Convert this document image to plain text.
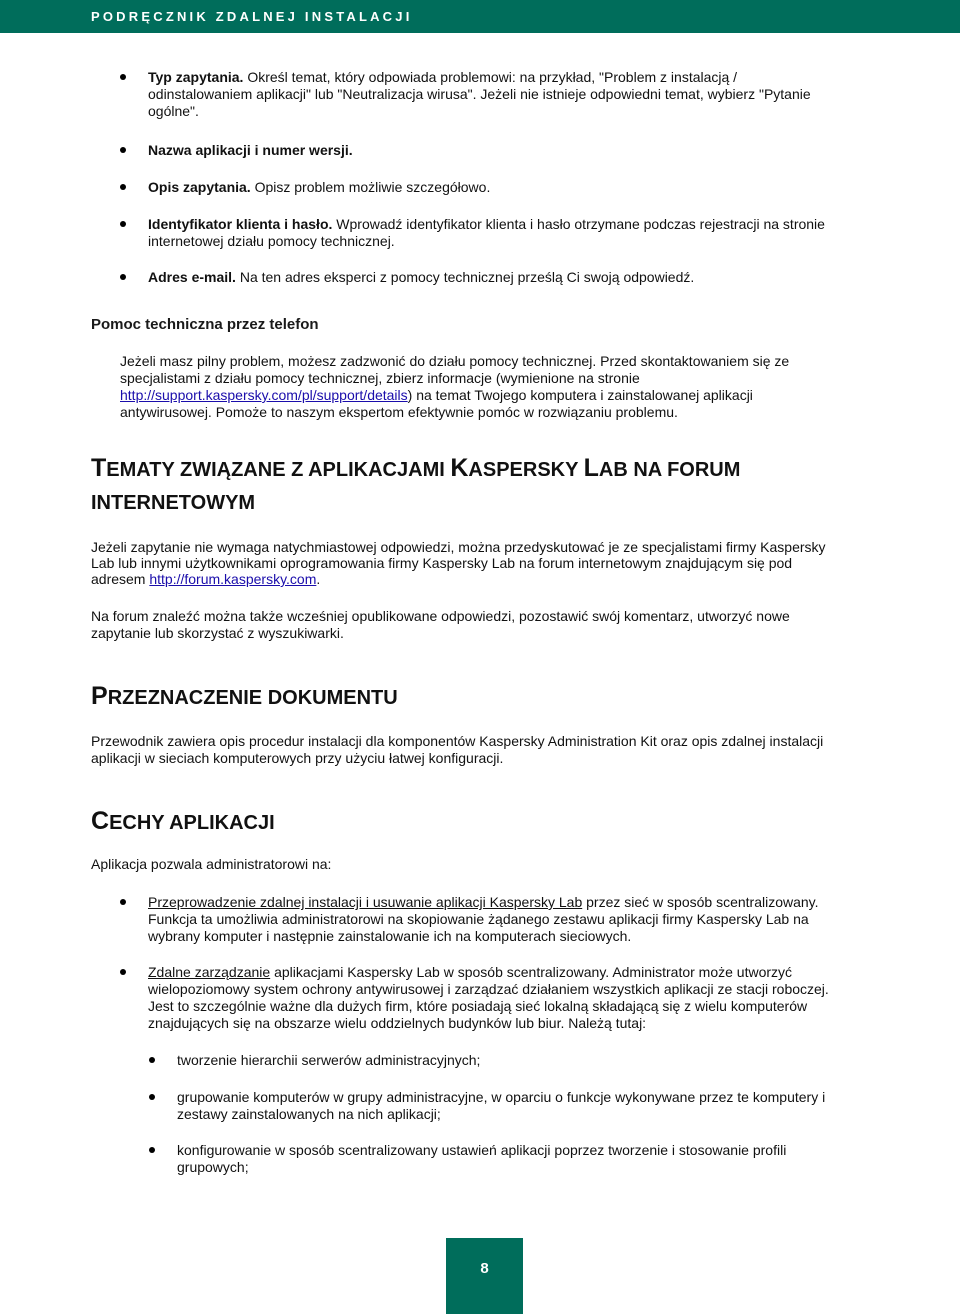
PODRĘCZNIK ZDALNEJ INSTALACJI

Typ zapytania. Określ temat, który odpowiada problemowi: na przykład, "Problem z instalacją /

odinstalowaniem aplikacji" lub "Neutralizacja wirusa". Jeżeli nie istnieje odpowiedni temat, wybierz "Pytanie

ogólne".

Nazwa aplikacji i numer wersji.

Opis zapytania. Opisz problem możliwie szczegółowo.

Identyfikator klienta i hasło. Wprowadź identyfikator klienta i hasło otrzymane podczas rejestracji na stronie

internetowej działu pomocy technicznej.

Adres e-mail. Na ten adres eksperci z pomocy technicznej prześlą Ci swoją odpowiedź.

Pomoc techniczna przez telefon

Jeżeli masz pilny problem, możesz zadzwonić do działu pomocy technicznej. Przed skontaktowaniem się ze

specjalistami z działu pomocy technicznej, zbierz informacje (wymienione na stronie

http://support.kaspersky.com/pl/support/details) na temat Twojego komputera i zainstalowanej aplikacji

antywirusowej. Pomoże to naszym ekspertom efektywnie pomóc w rozwiązaniu problemu.

TEMATY ZWIĄZANE Z APLIKACJAMI KASPERSKY LAB NA FORUM
INTERNETOWYM

Jeżeli zapytanie nie wymaga natychmiastowej odpowiedzi, można przedyskutować je ze specjalistami firmy Kaspersky

Lab lub innymi użytkownikami oprogramowania firmy Kaspersky Lab na forum internetowym znajdującym się pod

adresem http://forum.kaspersky.com.

Na forum znaleźć można także wcześniej opublikowane odpowiedzi, pozostawić swój komentarz, utworzyć nowe

zapytanie lub skorzystać z wyszukiwarki.

PRZEZNACZENIE DOKUMENTU

Przewodnik zawiera opis procedur instalacji dla komponentów Kaspersky Administration Kit oraz opis zdalnej instalacji

aplikacji w sieciach komputerowych przy użyciu łatwej konfiguracji.

CECHY APLIKACJI

Aplikacja pozwala administratorowi na:

Przeprowadzenie zdalnej instalacji i usuwanie aplikacji Kaspersky Lab przez sieć w sposób scentralizowany.

Funkcja ta umożliwia administratorowi na skopiowanie żądanego zestawu aplikacji firmy Kaspersky Lab na

wybrany komputer i następnie zainstalowanie ich na komputerach sieciowych.

Zdalne zarządzanie aplikacjami Kaspersky Lab w sposób scentralizowany. Administrator może utworzyć

wielopoziomowy system ochrony antywirusowej i zarządzać działaniem wszystkich aplikacji ze stacji roboczej.

Jest to szczególnie ważne dla dużych firm, które posiadają sieć lokalną składającą się z wielu komputerów

znajdujących się na obszarze wielu oddzielnych budynków lub biur. Należą tutaj:

tworzenie hierarchii serwerów administracyjnych;

grupowanie komputerów w grupy administracyjne, w oparciu o funkcje wykonywane przez te komputery i

zestawy zainstalowanych na nich aplikacji;

konfigurowanie w sposób scentralizowany ustawień aplikacji poprzez tworzenie i stosowanie profili

grupowych;

8
